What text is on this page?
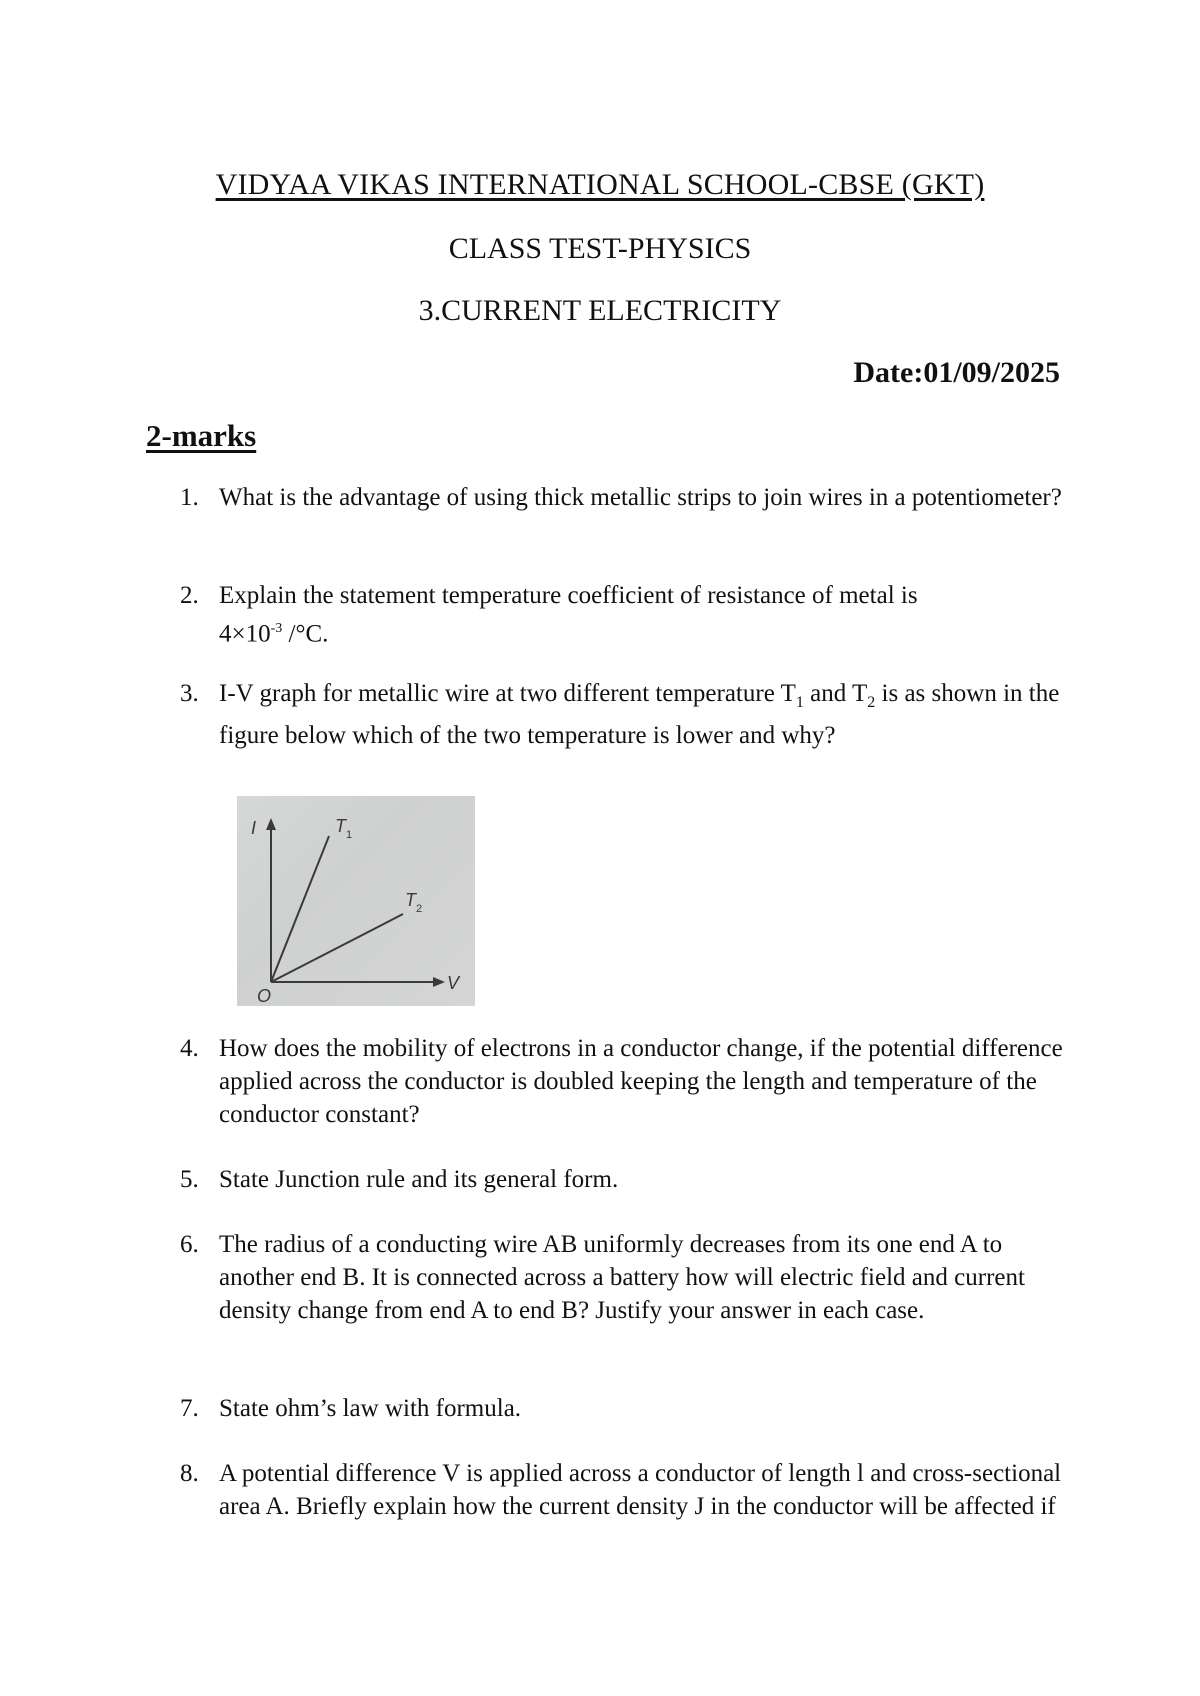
VIDYAA VIKAS INTERNATIONAL SCHOOL-CBSE (GKT)
CLASS TEST-PHYSICS
3.CURRENT ELECTRICITY
Date:01/09/2025
2-marks
1. What is the advantage of using thick metallic strips to join wires in a potentiometer?
2. Explain the statement temperature coefficient of resistance of metal is
$4\times 10^{-3}$ /°C.
3. I-V graph for metallic wire at two different temperature $T_1$ and $T_2$ is as shown in the figure below which of the two temperature is lower and why?
4. How does the mobility of electrons in a conductor change, if the potential difference applied across the conductor is doubled keeping the length and temperature of the conductor constant?
5. State Junction rule and its general form.
6. The radius of a conducting wire AB uniformly decreases from its one end A to another end B. It is connected across a battery how will electric field and current density change from end A to end B? Justify your answer in each case.
7. State ohm’s law with formula.
8. A potential difference V is applied across a conductor of length l and cross-sectional area A. Briefly explain how the current density J in the conductor will be affected if
I
V
O
T 1
T 2
